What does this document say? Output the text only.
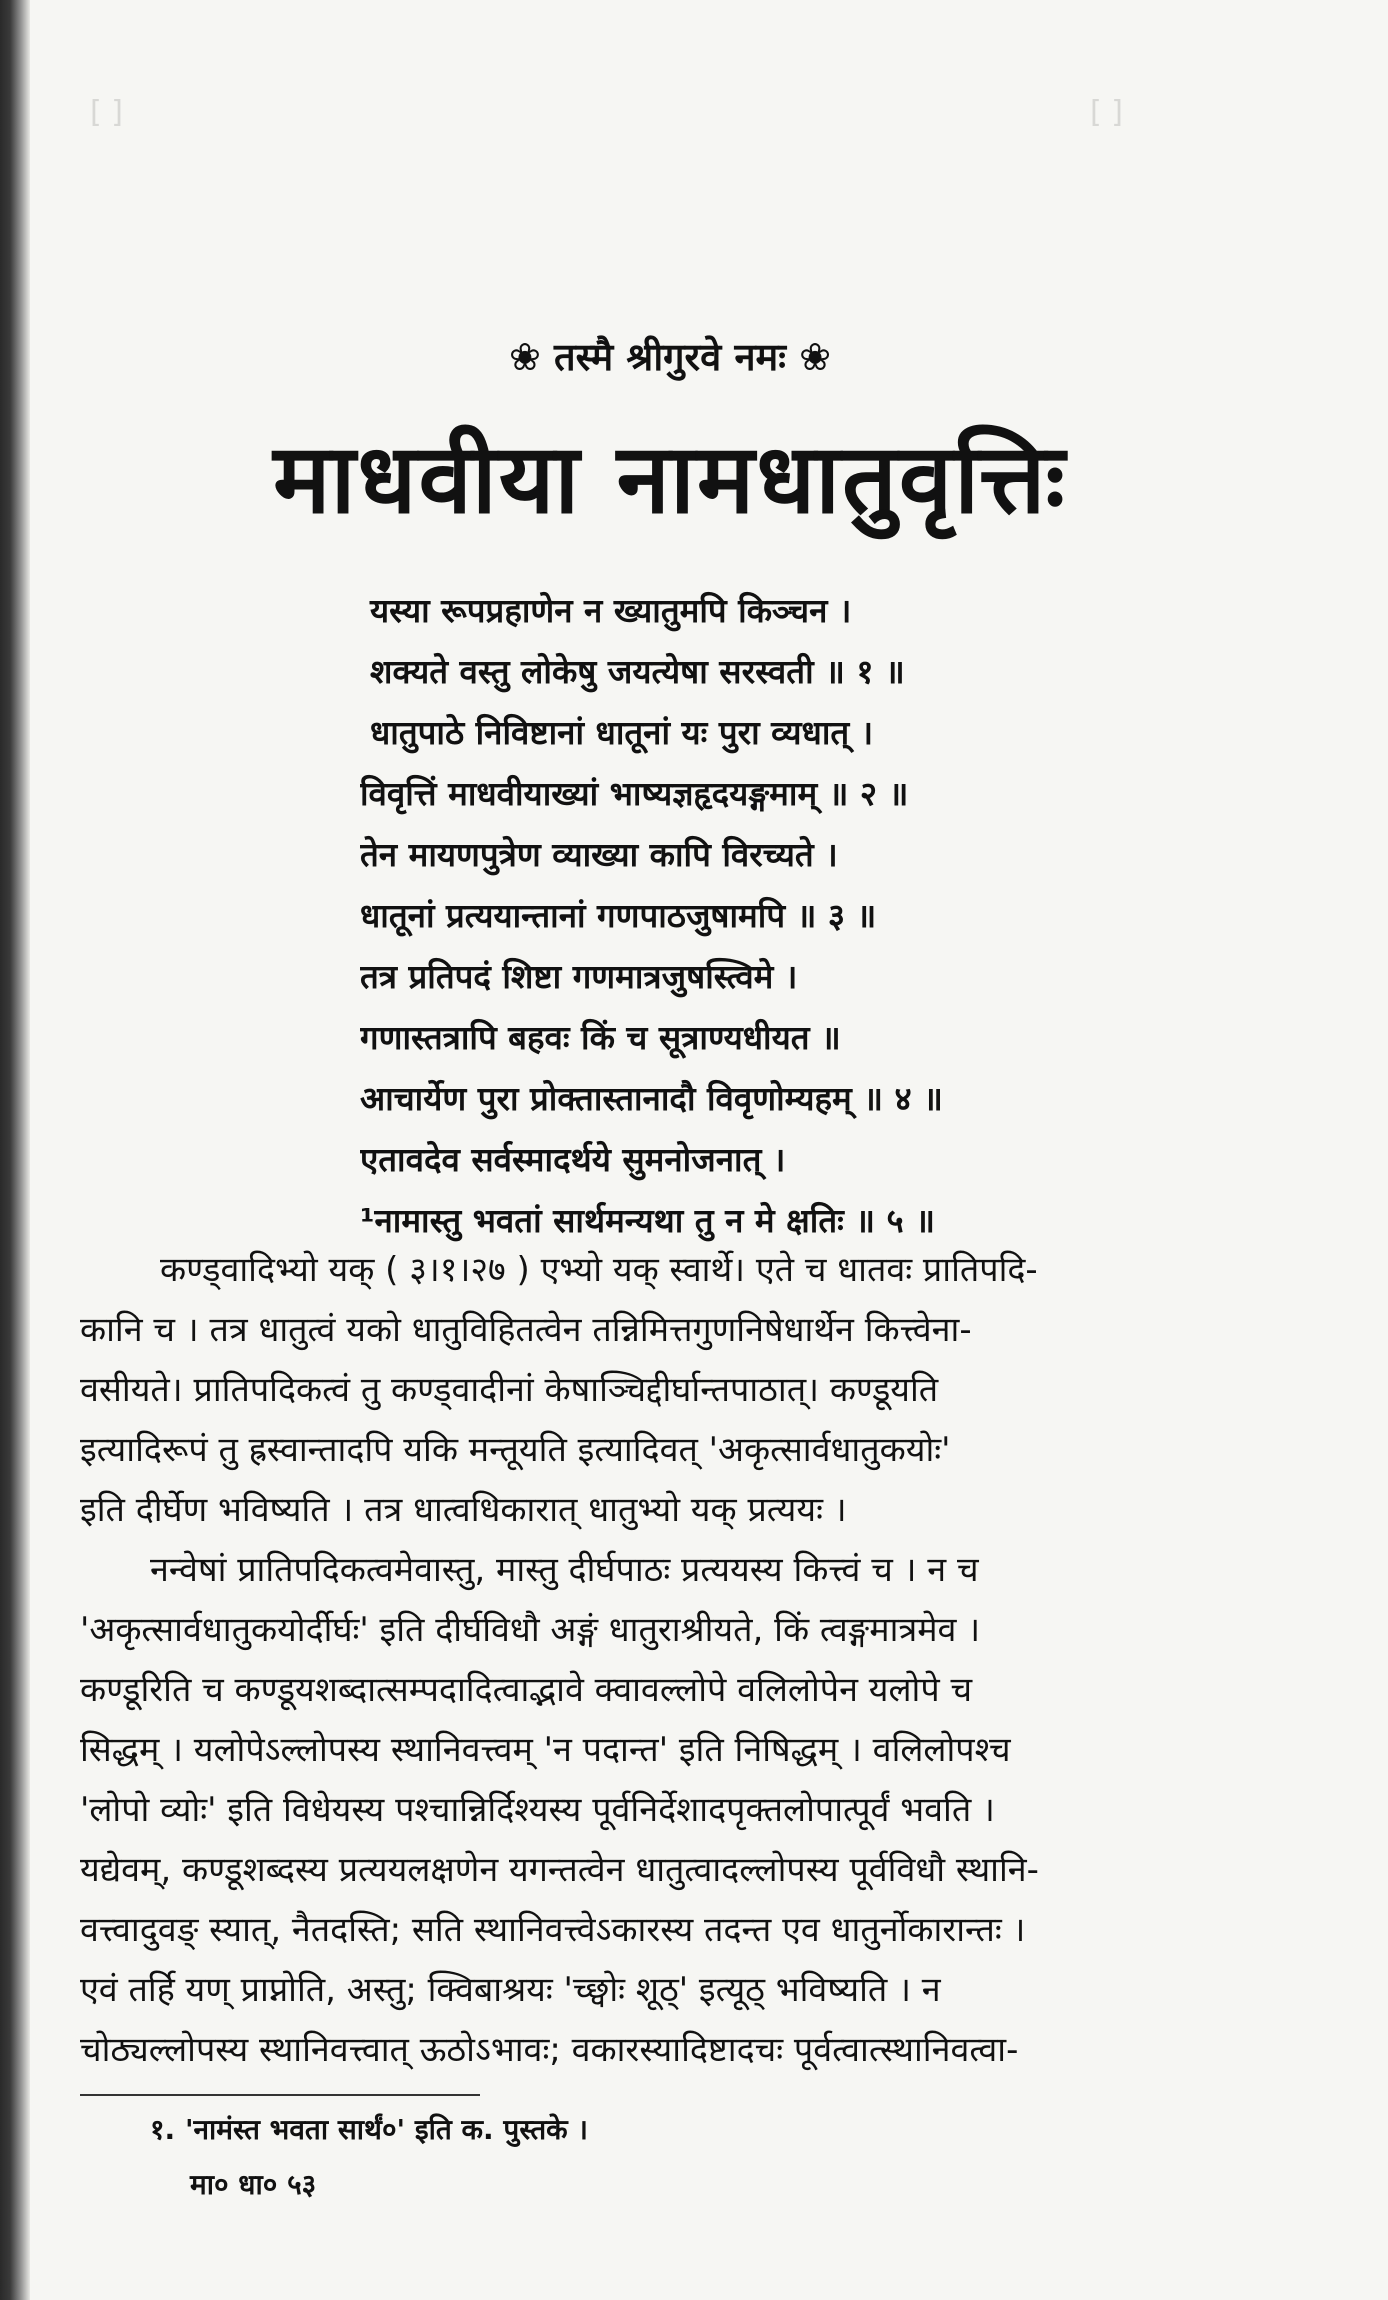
[ ]	[ ]
❀ तस्मै श्रीगुरवे नमः ❀
माधवीया नामधातुवृत्तिः
यस्या रूपप्रहाणेन न ख्यातुमपि किञ्चन ।
शक्यते वस्तु लोकेषु जयत्येषा सरस्वती ॥ १ ॥
धातुपाठे निविष्टानां धातूनां यः पुरा व्यधात् ।
विवृत्तिं माधवीयाख्यां भाष्यज्ञहृदयङ्गमाम् ॥ २ ॥
तेन मायणपुत्रेण व्याख्या कापि विरच्यते ।
धातूनां प्रत्ययान्तानां गणपाठजुषामपि ॥ ३ ॥
तत्र प्रतिपदं शिष्टा गणमात्रजुषस्त्विमे ।
गणास्तत्रापि बहवः किं च सूत्राण्यधीयत ॥
आचार्येण पुरा प्रोक्तास्तानादौ विवृणोम्यहम् ॥ ४ ॥
एतावदेव सर्वस्मादर्थये सुमनोजनात् ।
¹नामास्तु भवतां सार्थमन्यथा तु न मे क्षतिः ॥ ५ ॥
कण्ड्वादिभ्यो यक् ( ३।१।२७ ) एभ्यो यक् स्वार्थे। एते च धातवः प्रातिपदि-
कानि च । तत्र धातुत्वं यको धातुविहितत्वेन तन्निमित्तगुणनिषेधार्थेन कित्त्वेना-
वसीयते। प्रातिपदिकत्वं तु कण्ड्वादीनां केषाञ्चिद्दीर्घान्तपाठात्। कण्डूयति
इत्यादिरूपं तु ह्रस्वान्तादपि यकि मन्तूयति इत्यादिवत् 'अकृत्सार्वधातुकयोः'
इति दीर्घेण भविष्यति । तत्र धात्वधिकारात् धातुभ्यो यक् प्रत्ययः ।
नन्वेषां प्रातिपदिकत्वमेवास्तु, मास्तु दीर्घपाठः प्रत्ययस्य कित्त्वं च । न च
'अकृत्सार्वधातुकयोर्दीर्घः' इति दीर्घविधौ अङ्गं धातुराश्रीयते, किं त्वङ्गमात्रमेव ।
कण्डूरिति च कण्डूयशब्दात्सम्पदादित्वाद्भावे क्वावल्लोपे वलिलोपेन यलोपे च
सिद्धम् । यलोपेऽल्लोपस्य स्थानिवत्त्वम् 'न पदान्त' इति निषिद्धम् । वलिलोपश्च
'लोपो व्योः' इति विधेयस्य पश्चान्निर्दिश्यस्य पूर्वनिर्देशादपृक्तलोपात्पूर्वं भवति ।
यद्येवम्, कण्डूशब्दस्य प्रत्ययलक्षणेन यगन्तत्वेन धातुत्वादल्लोपस्य पूर्वविधौ स्थानि-
वत्त्वादुवङ् स्यात्, नैतदस्ति; सति स्थानिवत्त्वेऽकारस्य तदन्त एव धातुर्नोकारान्तः ।
एवं तर्हि यण् प्राप्नोति, अस्तु; क्विबाश्रयः 'च्छ्वोः शूठ्' इत्यूठ् भविष्यति । न
चोठ्यल्लोपस्य स्थानिवत्त्वात् ऊठोऽभावः; वकारस्यादिष्टादचः पूर्वत्वात्स्थानिवत्वा-
१. 'नामंस्त भवता सार्थं०' इति क. पुस्तके ।
मा० धा० ५३
